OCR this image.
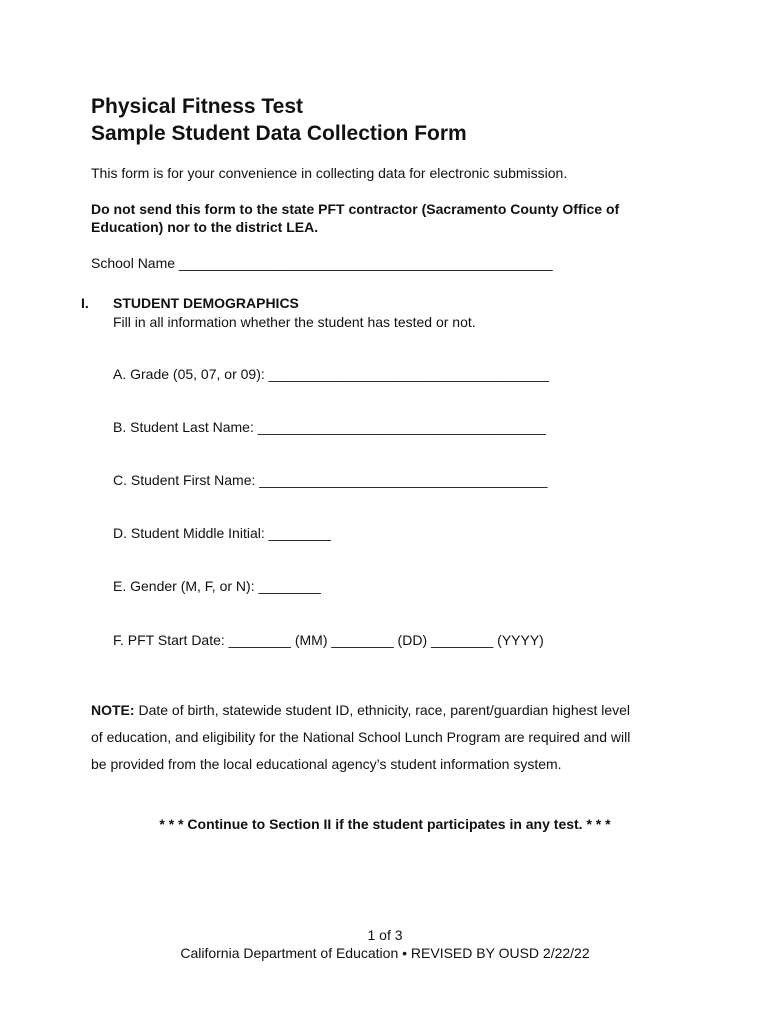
Physical Fitness Test
Sample Student Data Collection Form
This form is for your convenience in collecting data for electronic submission.
Do not send this form to the state PFT contractor (Sacramento County Office of
Education) nor to the district LEA.
School Name ________________________________________________
I. STUDENT DEMOGRAPHICS
Fill in all information whether the student has tested or not.
A. Grade (05, 07, or 09): ____________________________________
B. Student Last Name: _____________________________________
C. Student First Name: _____________________________________
D. Student Middle Initial: ________
E. Gender (M, F, or N): ________
F. PFT Start Date: ________ (MM) ________ (DD) ________ (YYYY)
NOTE: Date of birth, statewide student ID, ethnicity, race, parent/guardian highest level
of education, and eligibility for the National School Lunch Program are required and will
be provided from the local educational agency’s student information system.
* * * Continue to Section II if the student participates in any test. * * *
1 of 3
California Department of Education • REVISED BY OUSD 2/22/22
